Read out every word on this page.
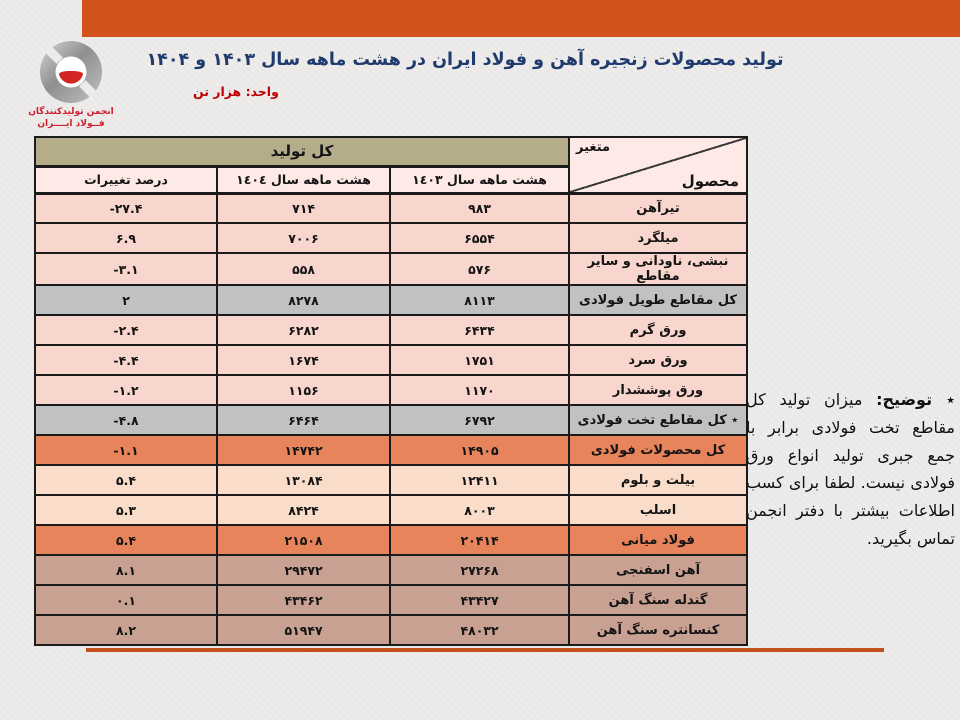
انجمن تولیدکنندگان
فــولاد ایــــران
تولید محصولات زنجیره آهن و فولاد ایران در هشت ماهه سال ۱۴۰۳ و ۱۴۰۴
واحد: هزار تن
متغیر
محصول	کل تولید		
	هشت ماهه سال ١٤٠٣	هشت ماهه سال ١٤٠٤	درصد تغییرات
تیرآهن	۹۸۳	۷۱۴	-۲۷.۴
میلگرد	۶۵۵۴	۷۰۰۶	۶.۹
نبشی، ناودانی و سایر مقاطع	۵۷۶	۵۵۸	-۳.۱
کل مقاطع طویل فولادی	۸۱۱۳	۸۲۷۸	۲
ورق گرم	۶۴۳۴	۶۲۸۲	-۲.۴
ورق سرد	۱۷۵۱	۱۶۷۴	-۴.۴
ورق پوششدار	۱۱۷۰	۱۱۵۶	-۱.۲
٭ کل مقاطع تخت فولادی	۶۷۹۲	۶۴۶۴	-۴.۸
کل محصولات فولادی	۱۴۹۰۵	۱۴۷۴۲	-۱.۱
بیلت و بلوم	۱۲۴۱۱	۱۳۰۸۴	۵.۴
اسلب	۸۰۰۳	۸۴۲۴	۵.۳
فولاد میانی	۲۰۴۱۴	۲۱۵۰۸	۵.۴
آهن اسفنجی	۲۷۲۶۸	۲۹۴۷۲	۸.۱
گندله سنگ آهن	۴۳۴۲۷	۴۳۴۶۲	۰.۱
کنسانتره سنگ آهن	۴۸۰۳۲	۵۱۹۴۷	۸.۲

٭ توضیح: میزان تولید کل مقاطع تخت فولادی برابر با جمع جبری تولید انواع ورق فولادی نیست. لطفا برای کسب اطلاعات بیشتر با دفتر انجمن تماس بگیرید.
